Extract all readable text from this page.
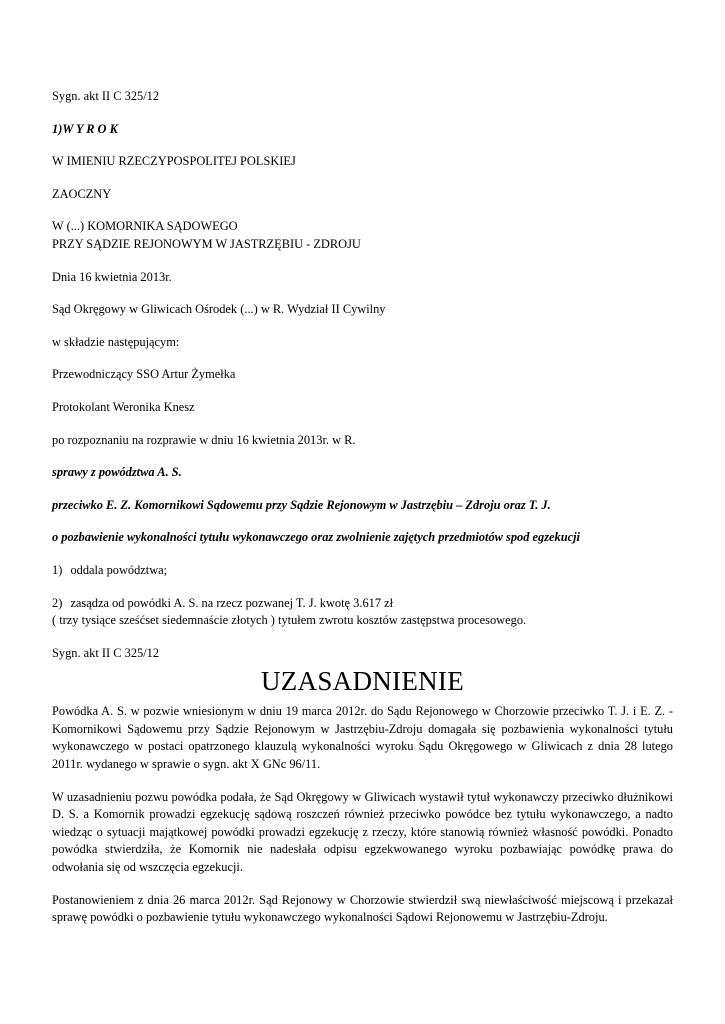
Sygn. akt II C 325/12

1)W Y R O K

W IMIENIU RZECZYPOSPOLITEJ POLSKIEJ

ZAOCZNY

W (...) KOMORNIKA SĄDOWEGO
PRZY SĄDZIE REJONOWYM W JASTRZĘBIU - ZDROJU

Dnia 16 kwietnia 2013r.

Sąd Okręgowy w Gliwicach Ośrodek (...) w R. Wydział II Cywilny

w składzie następującym:

Przewodniczący SSO Artur Żymełka

Protokolant Weronika Knesz

po rozpoznaniu na rozprawie w dniu 16 kwietnia 2013r. w R.

sprawy z powództwa A. S.

przeciwko E. Z. Komornikowi Sądowemu przy Sądzie Rejonowym w Jastrzębiu – Zdroju oraz T. J.

o pozbawienie wykonalności tytułu wykonawczego oraz zwolnienie zajętych przedmiotów spod egzekucji

1) oddala powództwa;

2) zasądza od powódki A. S. na rzecz pozwanej T. J. kwotę 3.617 zł
( trzy tysiące sześćset siedemnaście złotych ) tytułem zwrotu kosztów zastępstwa procesowego.

Sygn. akt II C 325/12

UZASADNIENIE

Powódka A. S. w pozwie wniesionym w dniu 19 marca 2012r. do Sądu Rejonowego w Chorzowie przeciwko T. J. i E. Z. - Komornikowi Sądowemu przy Sądzie Rejonowym w Jastrzębiu-Zdroju domagała się pozbawienia wykonalności tytułu wykonawczego w postaci opatrzonego klauzulą wykonalności wyroku Sądu Okręgowego w Gliwicach z dnia 28 lutego 2011r. wydanego w sprawie o sygn. akt X GNc 96/11.

W uzasadnieniu pozwu powódka podała, że Sąd Okręgowy w Gliwicach wystawił tytuł wykonawczy przeciwko dłużnikowi D. S. a Komornik prowadzi egzekucję sądową roszczeń również przeciwko powódce bez tytułu wykonawczego, a nadto wiedząc o sytuacji majątkowej powódki prowadzi egzekucję z rzeczy, które stanowią również własność powódki. Ponadto powódka stwierdziła, że Komornik nie nadesłała odpisu egzekwowanego wyroku pozbawiając powódkę prawa do odwołania się od wszczęcia egzekucji.

Postanowieniem z dnia 26 marca 2012r. Sąd Rejonowy w Chorzowie stwierdził swą niewłaściwość miejscową i przekazał sprawę powódki o pozbawienie tytułu wykonawczego wykonalności Sądowi Rejonowemu w Jastrzębiu-Zdroju.
